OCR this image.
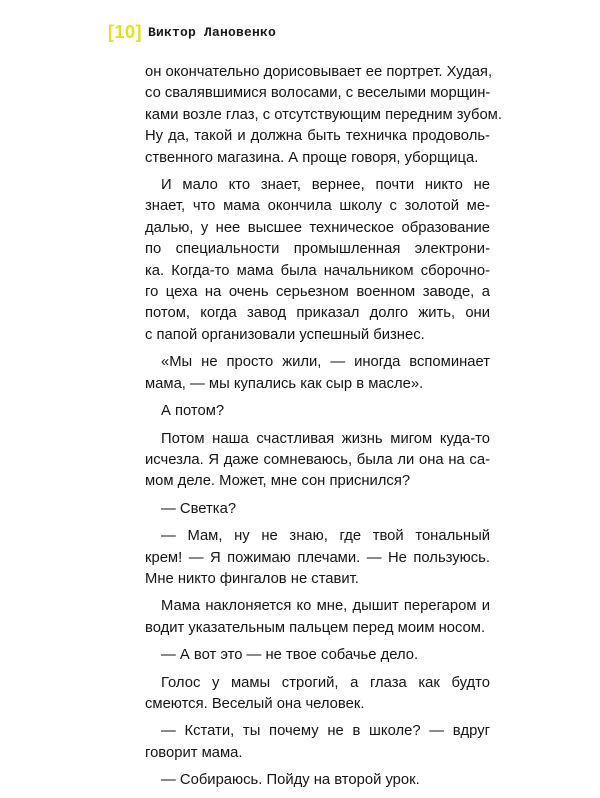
[10] Виктор Лановенко

он окончательно дорисовывает ее портрет. Худая,
со свалявшимися волосами, с веселыми морщин-
ками возле глаз, с отсутствующим передним зубом.
Ну да, такой и должна быть техничка продоволь-
ственного магазина. А проще говоря, уборщица.

И мало кто знает, вернее, почти никто не
знает, что мама окончила школу с золотой ме-
далью, у нее высшее техническое образование
по специальности промышленная электрони-
ка. Когда-то мама была начальником сборочно-
го цеха на очень серьезном военном заводе, а
потом, когда завод приказал долго жить, они
с папой организовали успешный бизнес.

«Мы не просто жили, — иногда вспоминает
мама, — мы купались как сыр в масле».

А потом?

Потом наша счастливая жизнь мигом куда-то
исчезла. Я даже сомневаюсь, была ли она на са-
мом деле. Может, мне сон приснился?

— Светка?

— Мам, ну не знаю, где твой тональный
крем! — Я пожимаю плечами. — Не пользуюсь.
Мне никто фингалов не ставит.

Мама наклоняется ко мне, дышит перегаром и
водит указательным пальцем перед моим носом.

— А вот это — не твое собачье дело.

Голос у мамы строгий, а глаза как будто
смеются. Веселый она человек.

— Кстати, ты почему не в школе? — вдруг
говорит мама.

— Собираюсь. Пойду на второй урок.
